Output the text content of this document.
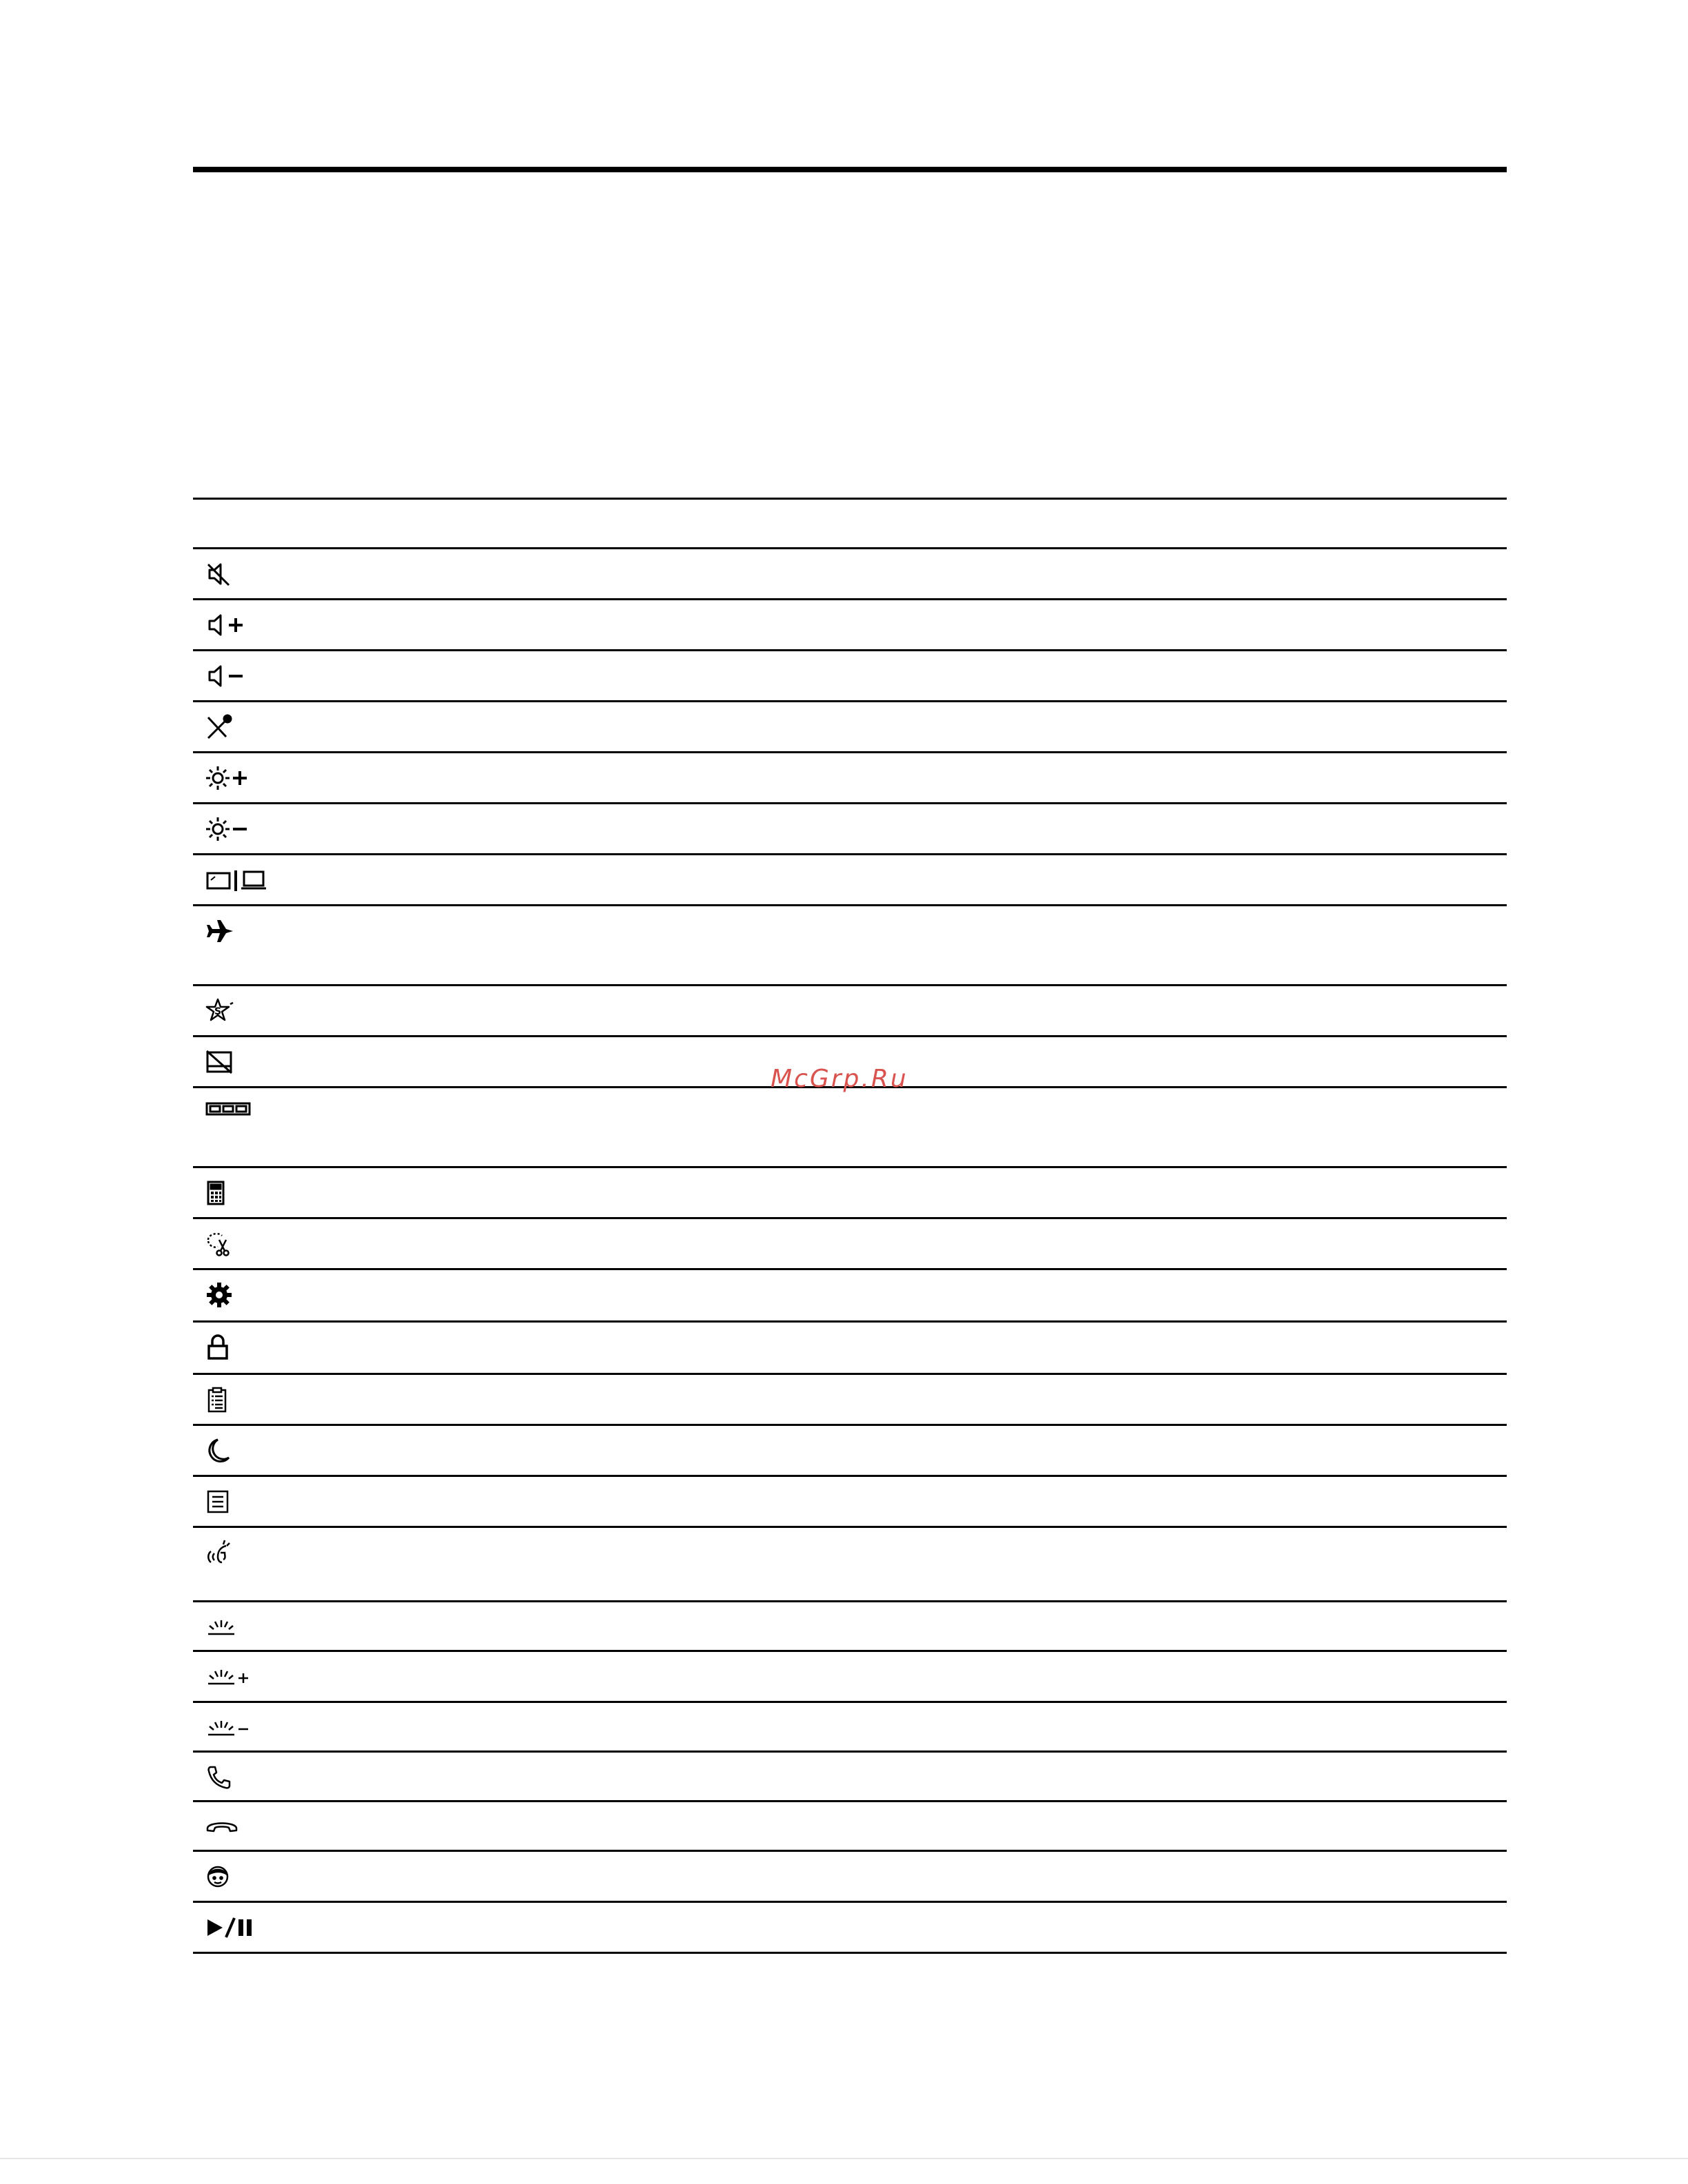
S
McGrp.Ru
